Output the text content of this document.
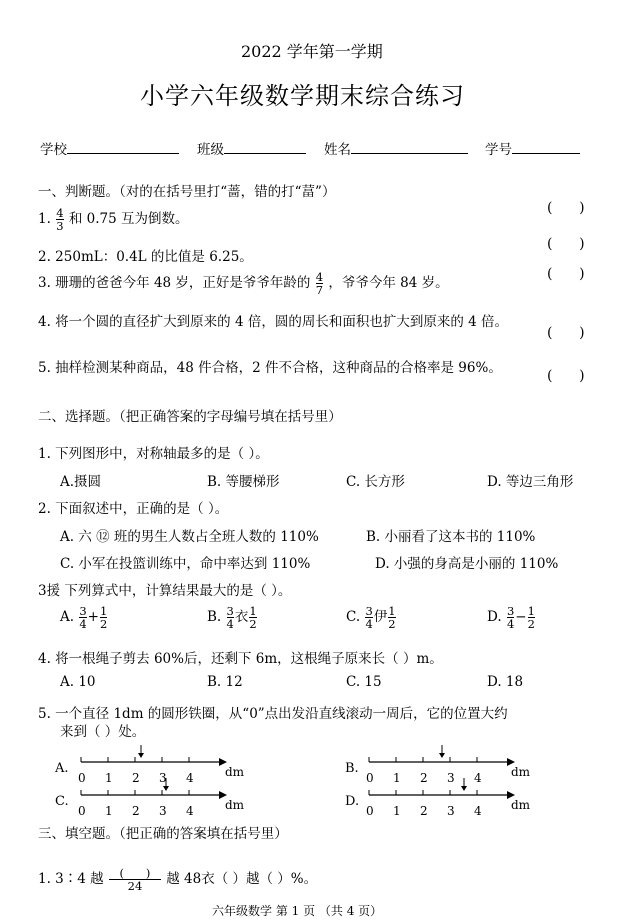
2022 学年第一学期
小学六年级数学期末综合练习
学校	班级	姓名	学号
一、判断题。（对的在括号里打“蔷，错的打“葍”）
1. $\frac{4}{3}$ 和 0.75 互为倒数。
(      )
2. 250mL：0.4L 的比值是 6.25。
(      )
3. 珊珊的爸爸今年 48 岁，正好是爷爷年龄的 $\frac{4}{7}$ ，爷爷今年 84 岁。
(      )
4. 将一个圆的直径扩大到原来的 4 倍，圆的周长和面积也扩大到原来的 4 倍。
(      )
5. 抽样检测某种商品，48 件合格，2 件不合格，这种商品的合格率是 96%。	(      )
二、选择题。（把正确答案的字母编号填在括号里）
1. 下列图形中，对称轴最多的是（ ）。
A.摄圆	B. 等腰梯形	C. 长方形	D. 等边三角形
2. 下面叙述中，正确的是（ ）。
A. 六 ⑫ 班的男生人数占全班人数的 110%	B. 小丽看了这本书的 110%
C. 小军在投篮训练中，命中率达到 110%	D. 小强的身高是小丽的 110%
3援 下列算式中，计算结果最大的是（ ）。
A. $\frac{3}{4} + \frac{1}{2}$	B. $\frac{3}{4}$ 衣 $\frac{1}{2}$	C. $\frac{3}{4}$ 伊 $\frac{1}{2}$	D. $\frac{3}{4} - \frac{1}{2}$
4. 将一根绳子剪去 60%后，还剩下 6m，这根绳子原来长（ ）m。
A. 10	B. 12	C. 15	D. 18
5. 一个直径 1dm 的圆形铁圈，从“0”点出发沿直线滚动一周后，它的位置大约
来到（ ）处。
A.
0 1 2 3 4	dm	B.
0 1 2 3 4 dm
C.
0 1 2 3 4	dm	D.
0 1 2 3 4 dm
三、填空题。（把正确的答案填在括号里）
1. 3∶4 越 $\frac{( )}{24}$ 越 48衣（ ）越（ ）%。
六年级数学 第 1 页 （共 4 页）
